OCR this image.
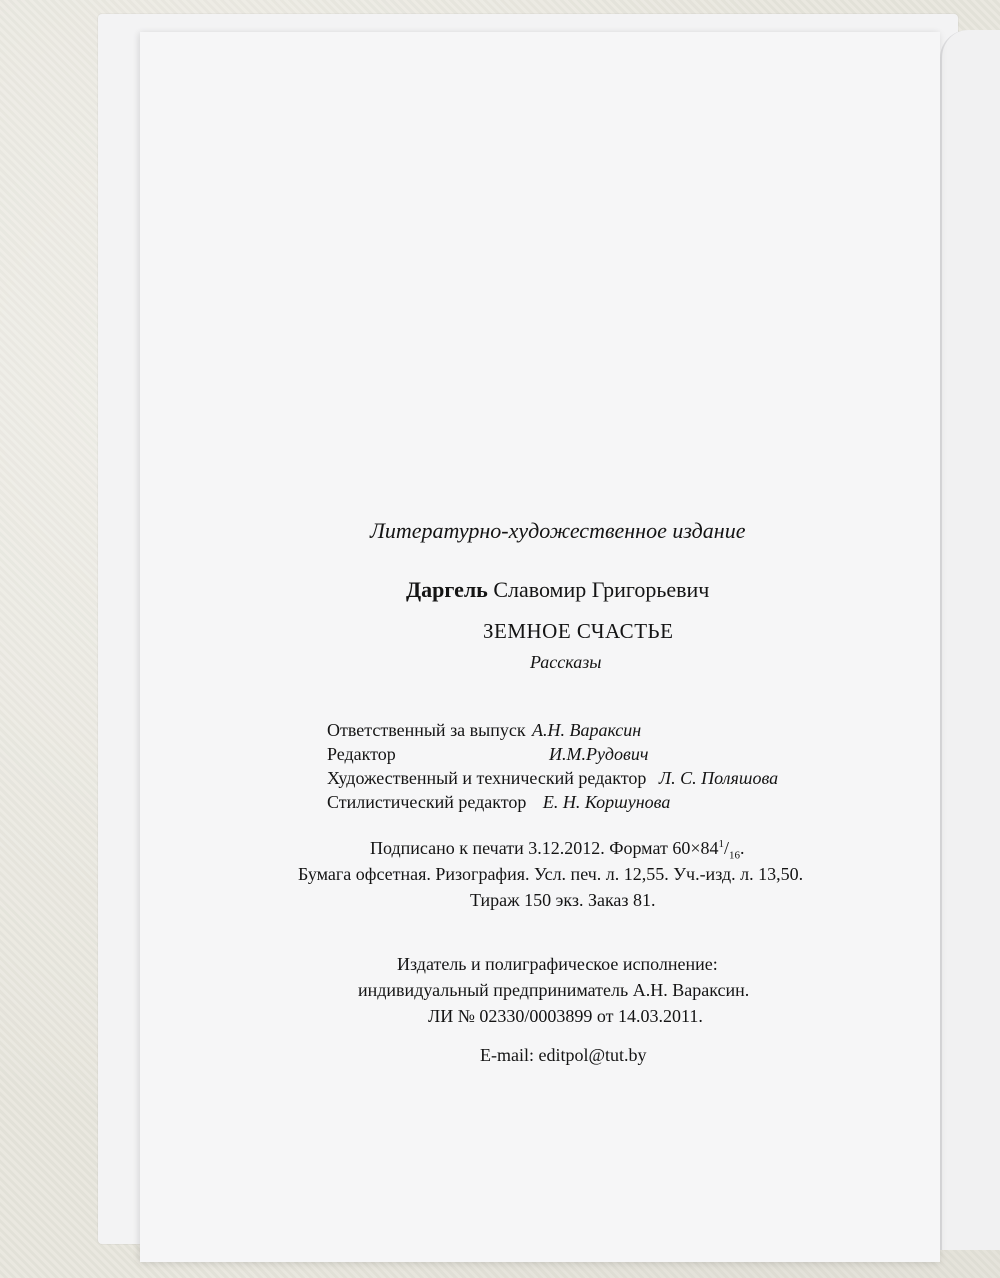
Литературно-художественное издание
Даргель Славомир Григорьевич
ЗЕМНОЕ СЧАСТЬЕ
Рассказы
Ответственный за выпуск А.Н. Вараксин
Редактор	И.М.Рудович
Художественный и технический редактор Л. С. Поляшова
Стилистический редактор Е. Н. Коршунова
Подписано к печати 3.12.2012. Формат $60\times 84^1/_{16}$.
Бумага офсетная. Ризография. Усл. печ. л. 12,55. Уч.-изд. л. 13,50.
Тираж 150 экз. Заказ 81.
Издатель и полиграфическое исполнение:
индивидуальный предприниматель А.Н. Вараксин.
ЛИ № 02330/0003899 от 14.03.2011.
E-mail: editpol@tut.by
